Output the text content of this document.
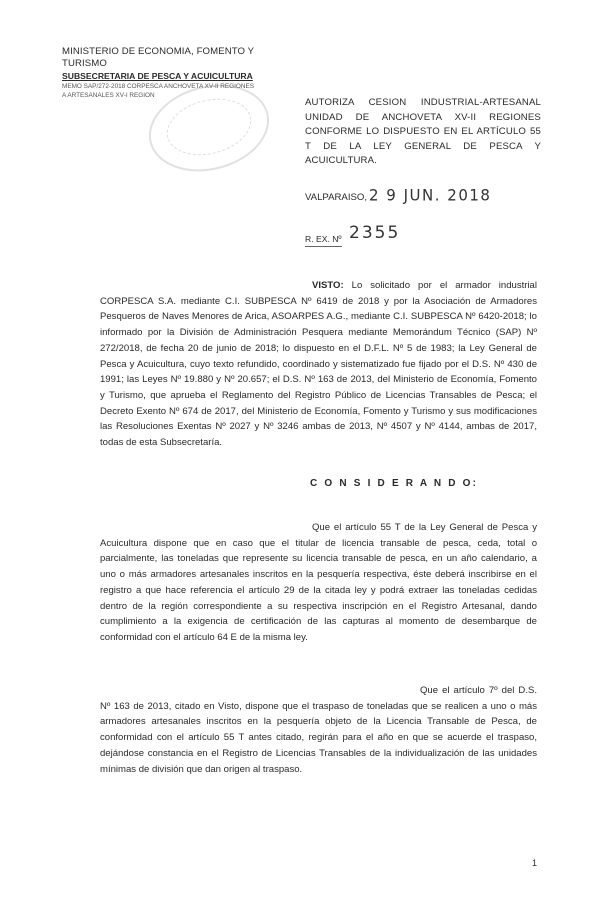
MINISTERIO DE ECONOMIA, FOMENTO Y TURISMO
SUBSECRETARIA DE PESCA Y ACUICULTURA
MEMO SAP/272-2018 CORPESCA ANCHOVETA XV-II REGIONES
A ARTESANALES XV-I REGION
AUTORIZA CESION INDUSTRIAL-ARTESANAL UNIDAD DE ANCHOVETA XV-II REGIONES CONFORME LO DISPUESTO EN EL ARTÍCULO 55 T DE LA LEY GENERAL DE PESCA Y ACUICULTURA.
VALPARAISO, 2 9 JUN. 2018
R. EX. Nº 2355
VISTO: Lo solicitado por el armador industrial CORPESCA S.A. mediante C.I. SUBPESCA Nº 6419 de 2018 y por la Asociación de Armadores Pesqueros de Naves Menores de Arica, ASOARPES A.G., mediante C.I. SUBPESCA Nº 6420-2018; lo informado por la División de Administración Pesquera mediante Memorándum Técnico (SAP) Nº 272/2018, de fecha 20 de junio de 2018; lo dispuesto en el D.F.L. Nº 5 de 1983; la Ley General de Pesca y Acuicultura, cuyo texto refundido, coordinado y sistematizado fue fijado por el D.S. Nº 430 de 1991; las Leyes Nº 19.880 y Nº 20.657; el D.S. Nº 163 de 2013, del Ministerio de Economía, Fomento y Turismo, que aprueba el Reglamento del Registro Público de Licencias Transables de Pesca; el Decreto Exento Nº 674 de 2017, del Ministerio de Economía, Fomento y Turismo y sus modificaciones las Resoluciones Exentas Nº 2027 y Nº 3246 ambas de 2013, Nº 4507 y Nº 4144, ambas de 2017, todas de esta Subsecretaría.
C O N S I D E R A N D O:
Que el artículo 55 T de la Ley General de Pesca y Acuicultura dispone que en caso que el titular de licencia transable de pesca, ceda, total o parcialmente, las toneladas que represente su licencia transable de pesca, en un año calendario, a uno o más armadores artesanales inscritos en la pesquería respectiva, éste deberá inscribirse en el registro a que hace referencia el artículo 29 de la citada ley y podrá extraer las toneladas cedidas dentro de la región correspondiente a su respectiva inscripción en el Registro Artesanal, dando cumplimiento a la exigencia de certificación de las capturas al momento de desembarque de conformidad con el artículo 64 E de la misma ley.
Que el artículo 7º del D.S. Nº 163 de 2013, citado en Visto, dispone que el traspaso de toneladas que se realicen a uno o más armadores artesanales inscritos en la pesquería objeto de la Licencia Transable de Pesca, de conformidad con el artículo 55 T antes citado, regirán para el año en que se acuerde el traspaso, dejándose constancia en el Registro de Licencias Transables de la individualización de las unidades mínimas de división que dan origen al traspaso.
1
